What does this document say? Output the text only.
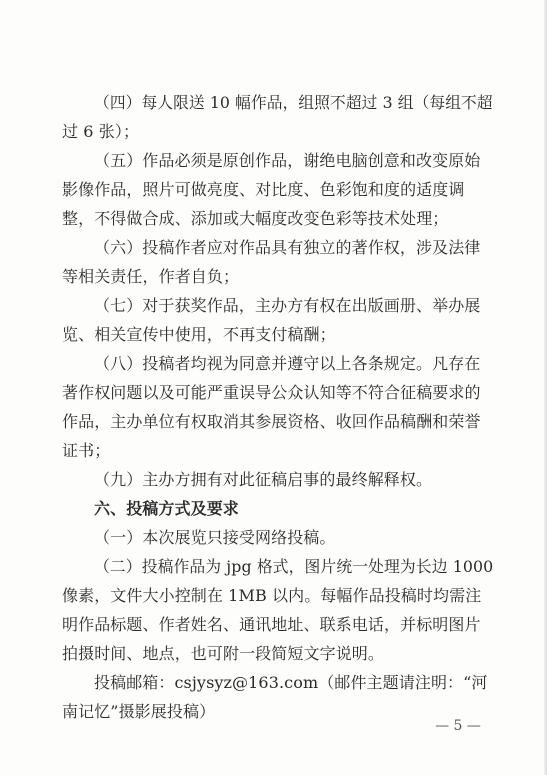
（四）每人限送 10 幅作品，组照不超过 3 组（每组不超
过 6 张）；
（五）作品必须是原创作品，谢绝电脑创意和改变原始
影像作品，照片可做亮度、对比度、色彩饱和度的适度调
整，不得做合成、添加或大幅度改变色彩等技术处理；
（六）投稿作者应对作品具有独立的著作权，涉及法律
等相关责任，作者自负；
（七）对于获奖作品，主办方有权在出版画册、举办展
览、相关宣传中使用，不再支付稿酬；
（八）投稿者均视为同意并遵守以上各条规定。凡存在
著作权问题以及可能严重误导公众认知等不符合征稿要求的
作品，主办单位有权取消其参展资格、收回作品稿酬和荣誉
证书；
（九）主办方拥有对此征稿启事的最终解释权。
六、投稿方式及要求
（一）本次展览只接受网络投稿。
（二）投稿作品为 jpg 格式，图片统一处理为长边 1000
像素，文件大小控制在 1MB 以内。每幅作品投稿时均需注
明作品标题、作者姓名、通讯地址、联系电话，并标明图片
拍摄时间、地点，也可附一段简短文字说明。
投稿邮箱：csjysyz@163.com（邮件主题请注明：“河
南记忆”摄影展投稿）
— 5 —
